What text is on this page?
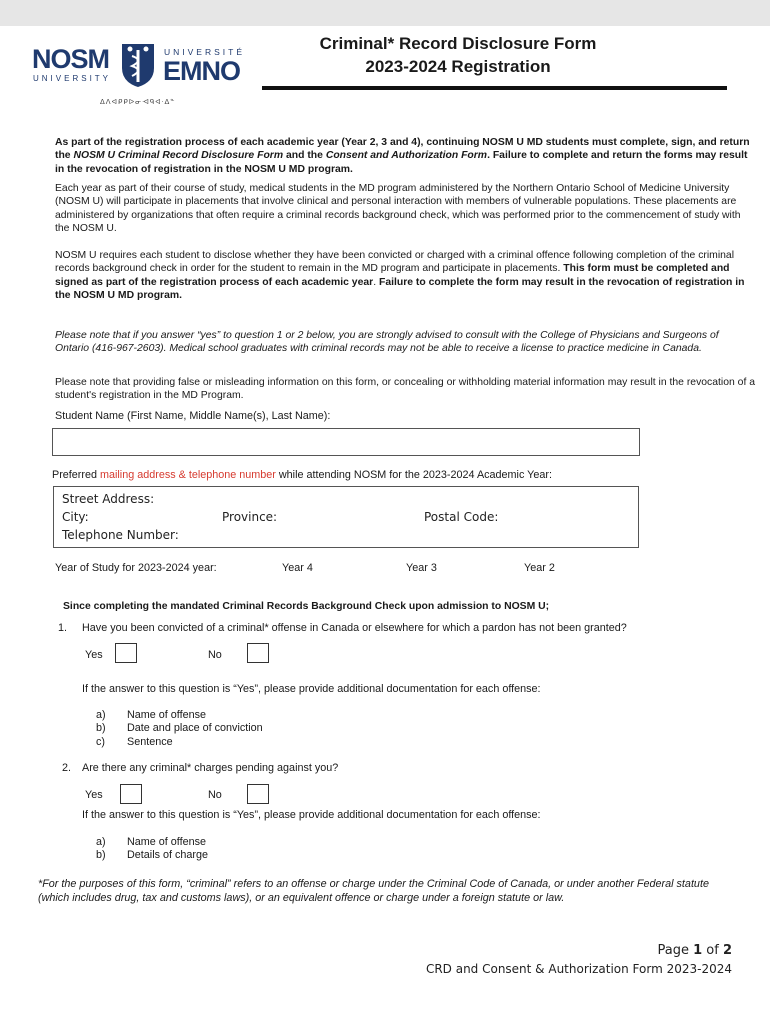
NOSM
UNIVERSITY
UNIVERSITÉ
EMNO
ᐃᐱᐊᑭᑭᐅᓂᐗᑫᐊᐧᐃᓐ
Criminal* Record Disclosure Form
2023-2024 Registration
As part of the registration process of each academic year (Year 2, 3 and 4), continuing NOSM U MD students must complete, sign, and return the NOSM U Criminal Record Disclosure Form and the Consent and Authorization Form. Failure to complete and return the forms may result in the revocation of registration in the NOSM U MD program.
Each year as part of their course of study, medical students in the MD program administered by the Northern Ontario School of Medicine University (NOSM U) will participate in placements that involve clinical and personal interaction with members of vulnerable populations. These placements are administered by organizations that often require a criminal records background check, which was performed prior to the commencement of study with the NOSM U.
NOSM U requires each student to disclose whether they have been convicted or charged with a criminal offence following completion of the criminal records background check in order for the student to remain in the MD program and participate in placements. This form must be completed and signed as part of the registration process of each academic year. Failure to complete the form may result in the revocation of registration in the NOSM U MD program.
Please note that if you answer “yes” to question 1 or 2 below, you are strongly advised to consult with the College of Physicians and Surgeons of Ontario (416-967-2603). Medical school graduates with criminal records may not be able to receive a license to practice medicine in Canada.
Please note that providing false or misleading information on this form, or concealing or withholding material information may result in the revocation of a student's registration in the MD Program.
Student Name (First Name, Middle Name(s), Last Name):
Preferred mailing address & telephone number while attending NOSM for the 2023-2024 Academic Year:
Street Address:
City:	Province:	Postal Code:
Telephone Number:
Year of Study for 2023-2024 year:	Year 4	Year 3	Year 2
Since completing the mandated Criminal Records Background Check upon admission to NOSM U;
1. Have you been convicted of a criminal* offense in Canada or elsewhere for which a pardon has not been granted?
Yes	No
If the answer to this question is “Yes”, please provide additional documentation for each offense:
a) Name of offense
b) Date and place of conviction
c) Sentence
2. Are there any criminal* charges pending against you?
Yes	No
If the answer to this question is “Yes”, please provide additional documentation for each offense:
a) Name of offense
b) Details of charge
*For the purposes of this form, “criminal” refers to an offense or charge under the Criminal Code of Canada, or under another Federal statute (which includes drug, tax and customs laws), or an equivalent offence or charge under a foreign statute or law.
Page 1 of 2
CRD and Consent & Authorization Form 2023-2024
